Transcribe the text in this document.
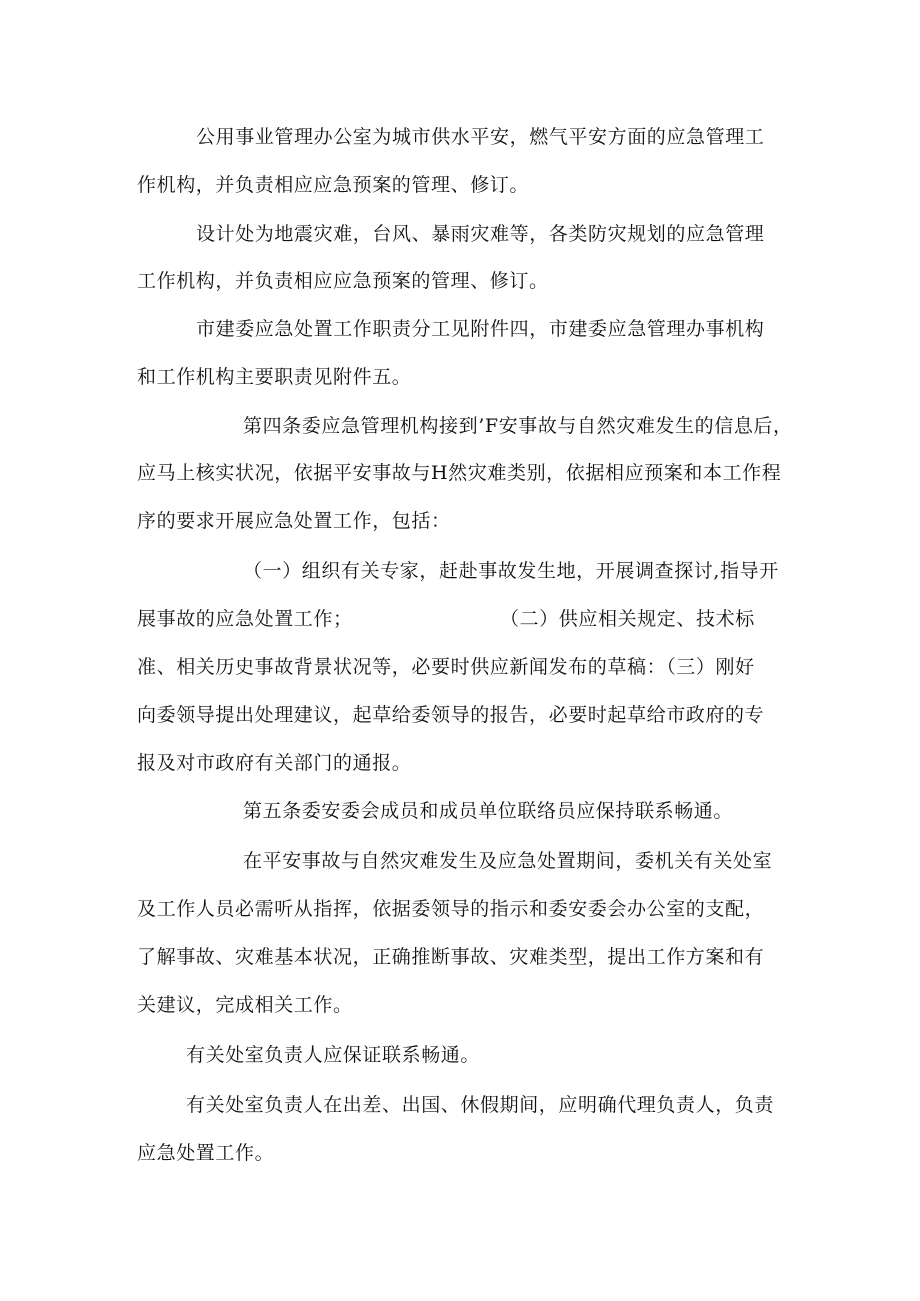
公用事业管理办公室为城市供水平安，燃气平安方面的应急管理工
作机构，并负责相应应急预案的管理、修订。
设计处为地震灾难，台风、暴雨灾难等，各类防灾规划的应急管理
工作机构，并负责相应应急预案的管理、修订。
市建委应急处置工作职责分工见附件四，市建委应急管理办事机构
和工作机构主要职责见附件五。
第四条委应急管理机构接到’F安事故与自然灾难发生的信息后，
应马上核实状况，依据平安事故与H然灾难类别，依据相应预案和本工作程
序的要求开展应急处置工作，包括：
（一）组织有关专家，赶赴事故发生地，开展调查探讨,指导开
展事故的应急处置工作；	（二）供应相关规定、技术标
准、相关历史事故背景状况等，必要时供应新闻发布的草稿：（三）刚好
向委领导提出处理建议，起草给委领导的报告，必要时起草给市政府的专
报及对市政府有关部门的通报。
第五条委安委会成员和成员单位联络员应保持联系畅通。
在平安事故与自然灾难发生及应急处置期间，委机关有关处室
及工作人员必需听从指挥，依据委领导的指示和委安委会办公室的支配，
了解事故、灾难基本状况，正确推断事故、灾难类型，提出工作方案和有
关建议，完成相关工作。
有关处室负责人应保证联系畅通。
有关处室负责人在出差、出国、休假期间，应明确代理负责人，负责
应急处置工作。
